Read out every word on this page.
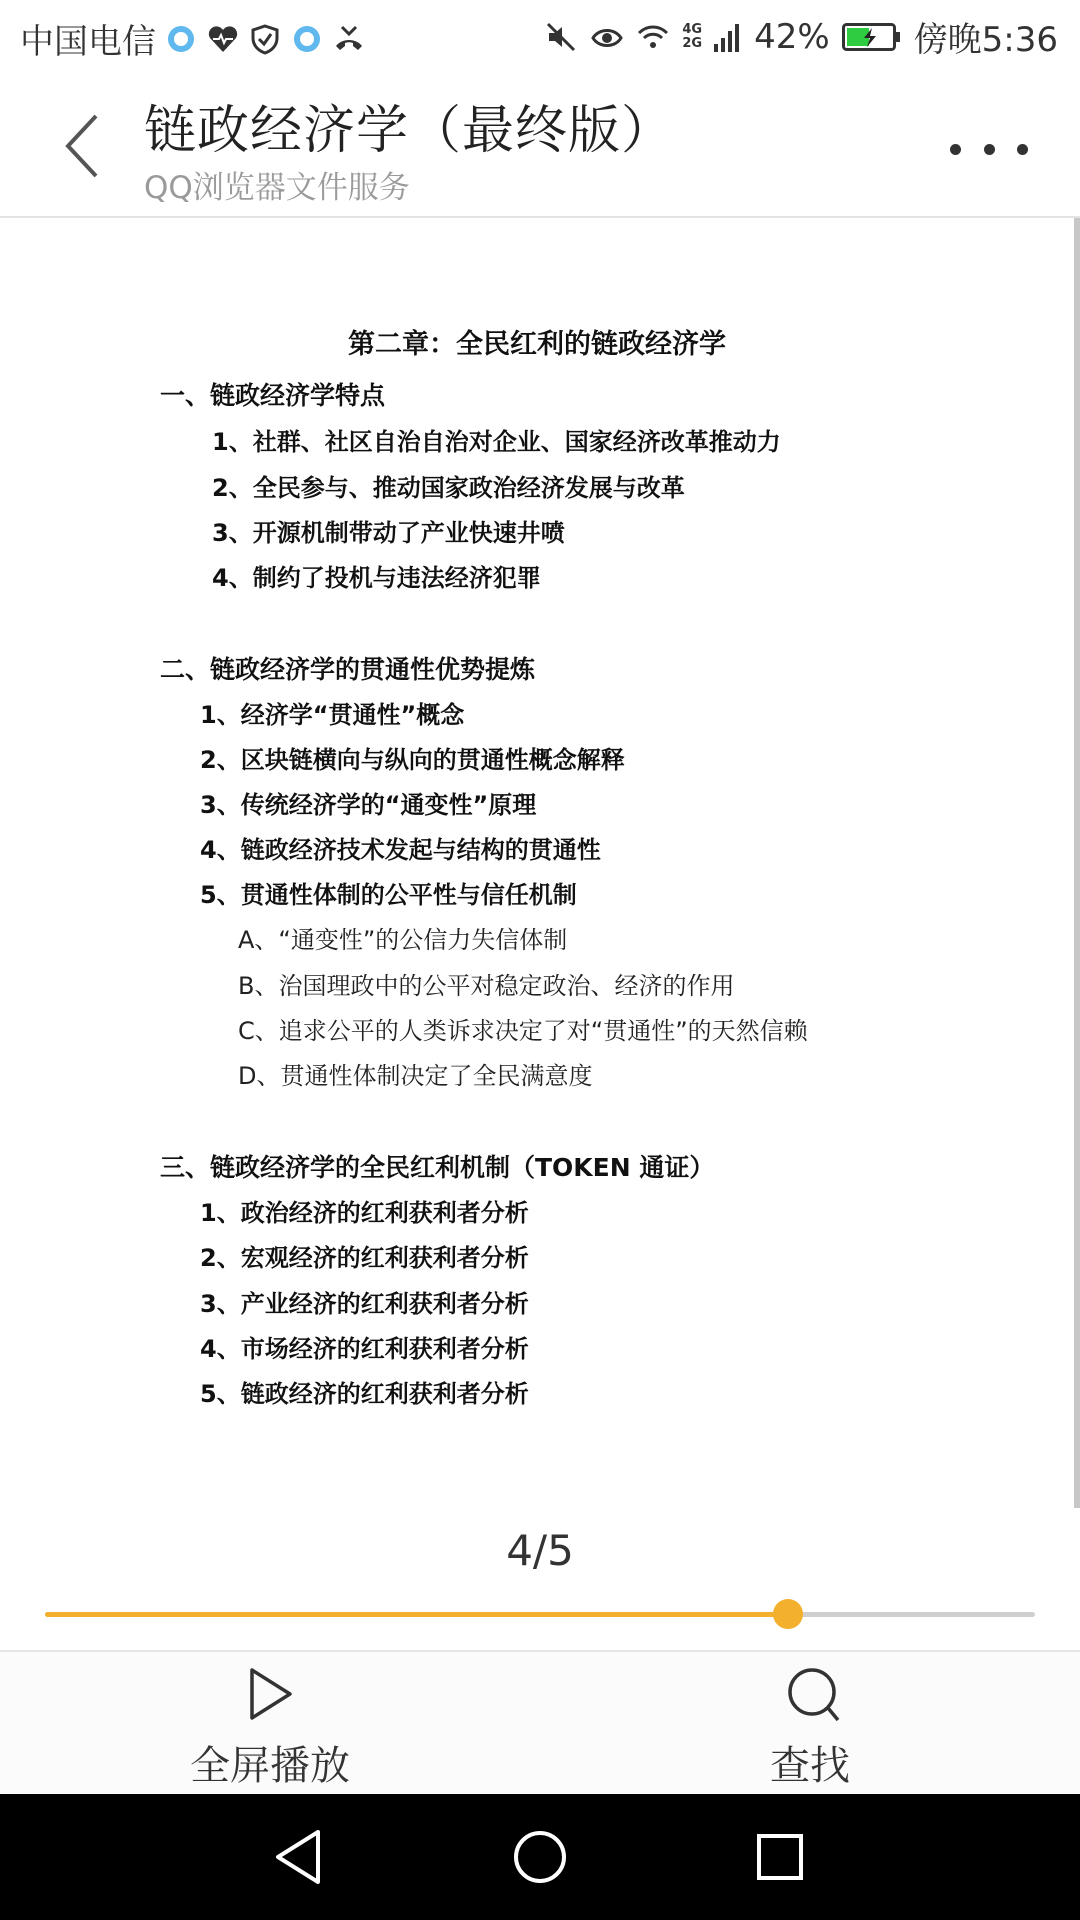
中国电信	4G
2G 42% 傍晚5:36
链政经济学（最终版）
QQ浏览器文件服务
第二章：全民红利的链政经济学
一、链政经济学特点
1、社群、社区自治自治对企业、国家经济改革推动力
2、全民参与、推动国家政治经济发展与改革
3、开源机制带动了产业快速井喷
4、制约了投机与违法经济犯罪
二、链政经济学的贯通性优势提炼
1、经济学“贯通性”概念
2、区块链横向与纵向的贯通性概念解释
3、传统经济学的“通变性”原理
4、链政经济技术发起与结构的贯通性
5、贯通性体制的公平性与信任机制
A、“通变性”的公信力失信体制
B、治国理政中的公平对稳定政治、经济的作用
C、追求公平的人类诉求决定了对“贯通性”的天然信赖
D、贯通性体制决定了全民满意度
三、链政经济学的全民红利机制（TOKEN 通证）
1、政治经济的红利获利者分析
2、宏观经济的红利获利者分析
3、产业经济的红利获利者分析
4、市场经济的红利获利者分析
5、链政经济的红利获利者分析
4/5
全屏播放	查找
